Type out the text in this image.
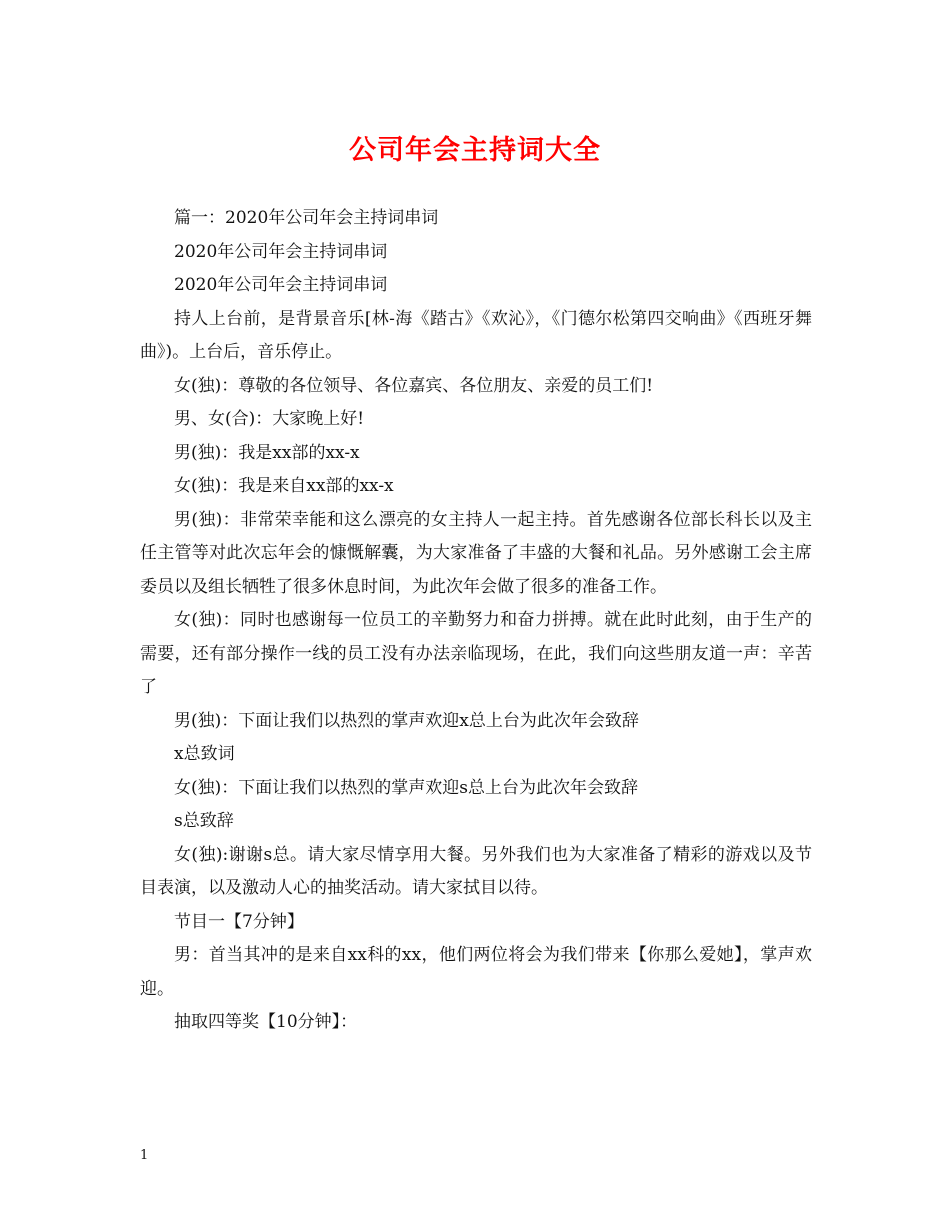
公司年会主持词大全

篇一：2020年公司年会主持词串词

2020年公司年会主持词串词

2020年公司年会主持词串词

持人上台前，是背景音乐[林-海《踏古》《欢沁》，《门德尔松第四交响曲》《西班牙舞曲》)。上台后，音乐停止。

女(独)：尊敬的各位领导、各位嘉宾、各位朋友、亲爱的员工们!

男、女(合)：大家晚上好!

男(独)：我是xx部的xx-x

女(独)：我是来自xx部的xx-x

男(独)：非常荣幸能和这么漂亮的女主持人一起主持。首先感谢各位部长科长以及主任主管等对此次忘年会的慷慨解囊，为大家准备了丰盛的大餐和礼品。另外感谢工会主席委员以及组长牺牲了很多休息时间，为此次年会做了很多的准备工作。

女(独)：同时也感谢每一位员工的辛勤努力和奋力拼搏。就在此时此刻，由于生产的需要，还有部分操作一线的员工没有办法亲临现场，在此，我们向这些朋友道一声：辛苦了

男(独)：下面让我们以热烈的掌声欢迎x总上台为此次年会致辞

x总致词

女(独)：下面让我们以热烈的掌声欢迎s总上台为此次年会致辞

s总致辞

女(独):谢谢s总。请大家尽情享用大餐。另外我们也为大家准备了精彩的游戏以及节目表演，以及激动人心的抽奖活动。请大家拭目以待。

节目一【7分钟】

男：首当其冲的是来自xx科的xx，他们两位将会为我们带来【你那么爱她】，掌声欢迎。

抽取四等奖【10分钟】：

1
